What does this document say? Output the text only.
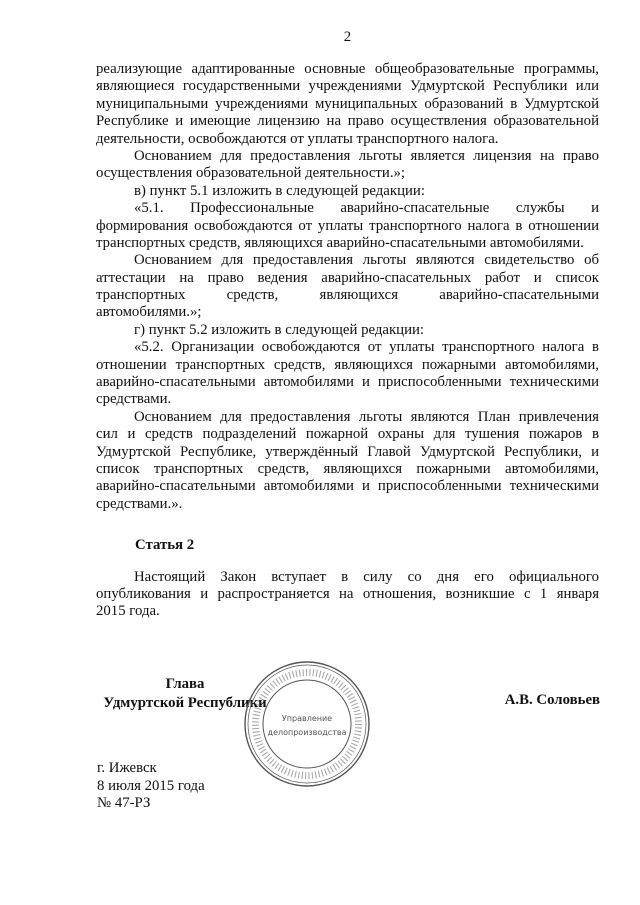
2
реализующие адаптированные основные общеобразовательные программы,
являющиеся государственными учреждениями Удмуртской Республики или
муниципальными учреждениями муниципальных образований в Удмуртской
Республике и имеющие лицензию на право осуществления образовательной
деятельности, освобождаются от уплаты транспортного налога.
Основанием для предоставления льготы является лицензия на право
осуществления образовательной деятельности.»;
в) пункт 5.1 изложить в следующей редакции:
«5.1. Профессиональные аварийно-спасательные службы и
формирования освобождаются от уплаты транспортного налога в отношении
транспортных средств, являющихся аварийно-спасательными автомобилями.
Основанием для предоставления льготы являются свидетельство об
аттестации на право ведения аварийно-спасательных работ и список
транспортных средств, являющихся аварийно-спасательными
автомобилями.»;
г) пункт 5.2 изложить в следующей редакции:
«5.2. Организации освобождаются от уплаты транспортного налога в
отношении транспортных средств, являющихся пожарными автомобилями,
аварийно-спасательными автомобилями и приспособленными техническими
средствами.
Основанием для предоставления льготы являются План привлечения
сил и средств подразделений пожарной охраны для тушения пожаров в
Удмуртской Республике, утверждённый Главой Удмуртской Республики, и
список транспортных средств, являющихся пожарными автомобилями,
аварийно-спасательными автомобилями и приспособленными техническими
средствами.».
Статья 2
Настоящий Закон вступает в силу со дня его официального
опубликования и распространяется на отношения, возникшие с 1 января
2015 года.
Глава
Удмуртской Республики	А.В. Соловьев
г. Ижевск
8 июля 2015 года
№ 47-РЗ
Управление
делопроизводства
